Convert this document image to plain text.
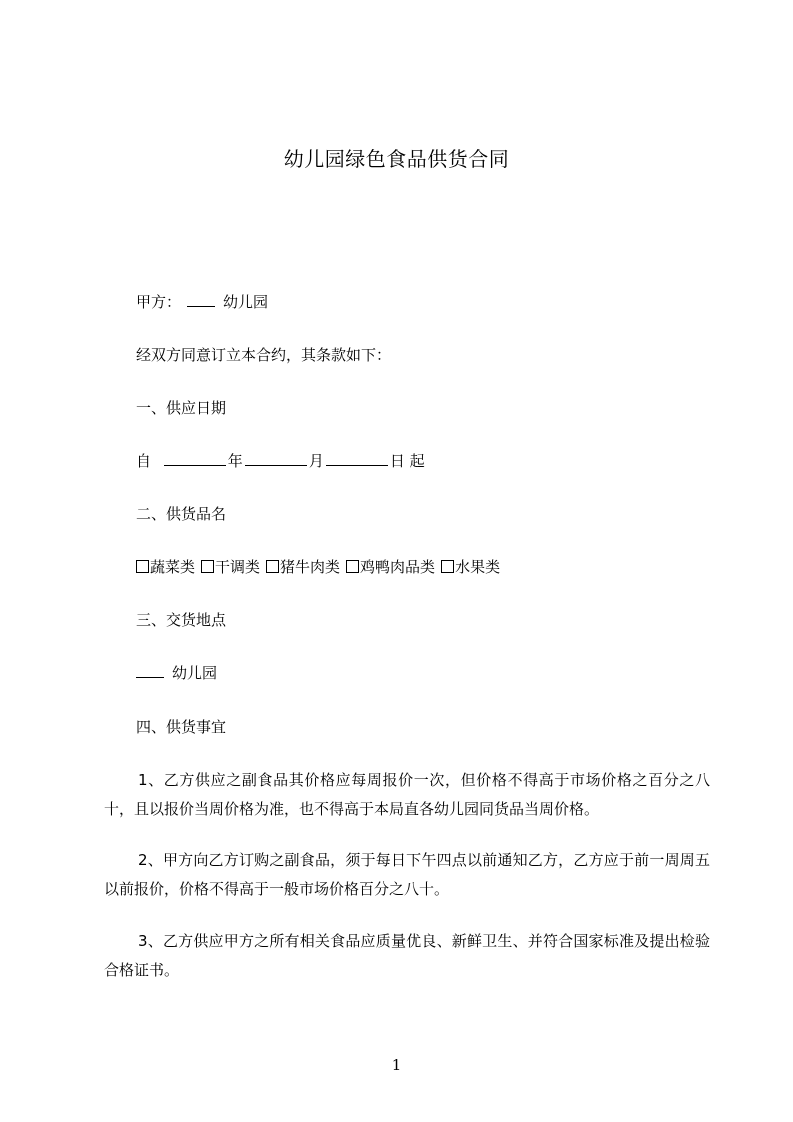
幼儿园绿色食品供货合同
甲方：	幼儿园
经双方同意订立本合约，其条款如下：
一、供应日期
自	年	月	日 起
二、供货品名
蔬菜类 干调类 猪牛肉类 鸡鸭肉品类 水果类
三、交货地点
幼儿园
四、供货事宜
1、乙方供应之副食品其价格应每周报价一次，但价格不得高于市场价格之百分之八十，且以报价当周价格为准，也不得高于本局直各幼儿园同货品当周价格。
2、甲方向乙方订购之副食品，须于每日下午四点以前通知乙方，乙方应于前一周周五以前报价，价格不得高于一般市场价格百分之八十。
3、乙方供应甲方之所有相关食品应质量优良、新鲜卫生、并符合国家标准及提出检验合格证书。
1
